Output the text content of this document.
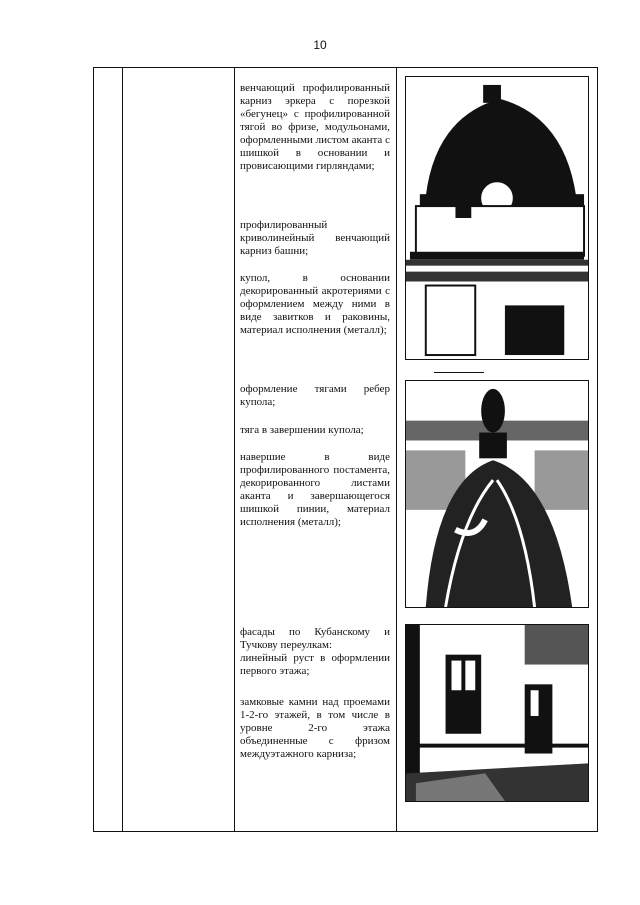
10

венчающий профилированный карниз эркера с порезкой «бегунец» с профилированной тягой во фризе, модульонами, оформленными листом аканта с шишкой в основании и провисающими гирляндами;

профилированный криволинейный венчающий карниз башни;

купол, в основании декорированный акротериями с оформлением между ними в виде завитков и раковины, материал исполнения (металл);

оформление тягами ребер купола;

тяга в завершении купола;

навершие в виде профилированного постамента, декорированного листами аканта и завершающегося шишкой пинии, материал исполнения (металл);

фасады по Кубанскому и Тучкову переулкам:

линейный руст в оформлении первого этажа;

замковые камни над проемами 1-2-го этажей, в том числе в уровне 2-го этажа объединенные с фризом междуэтажного карниза;
